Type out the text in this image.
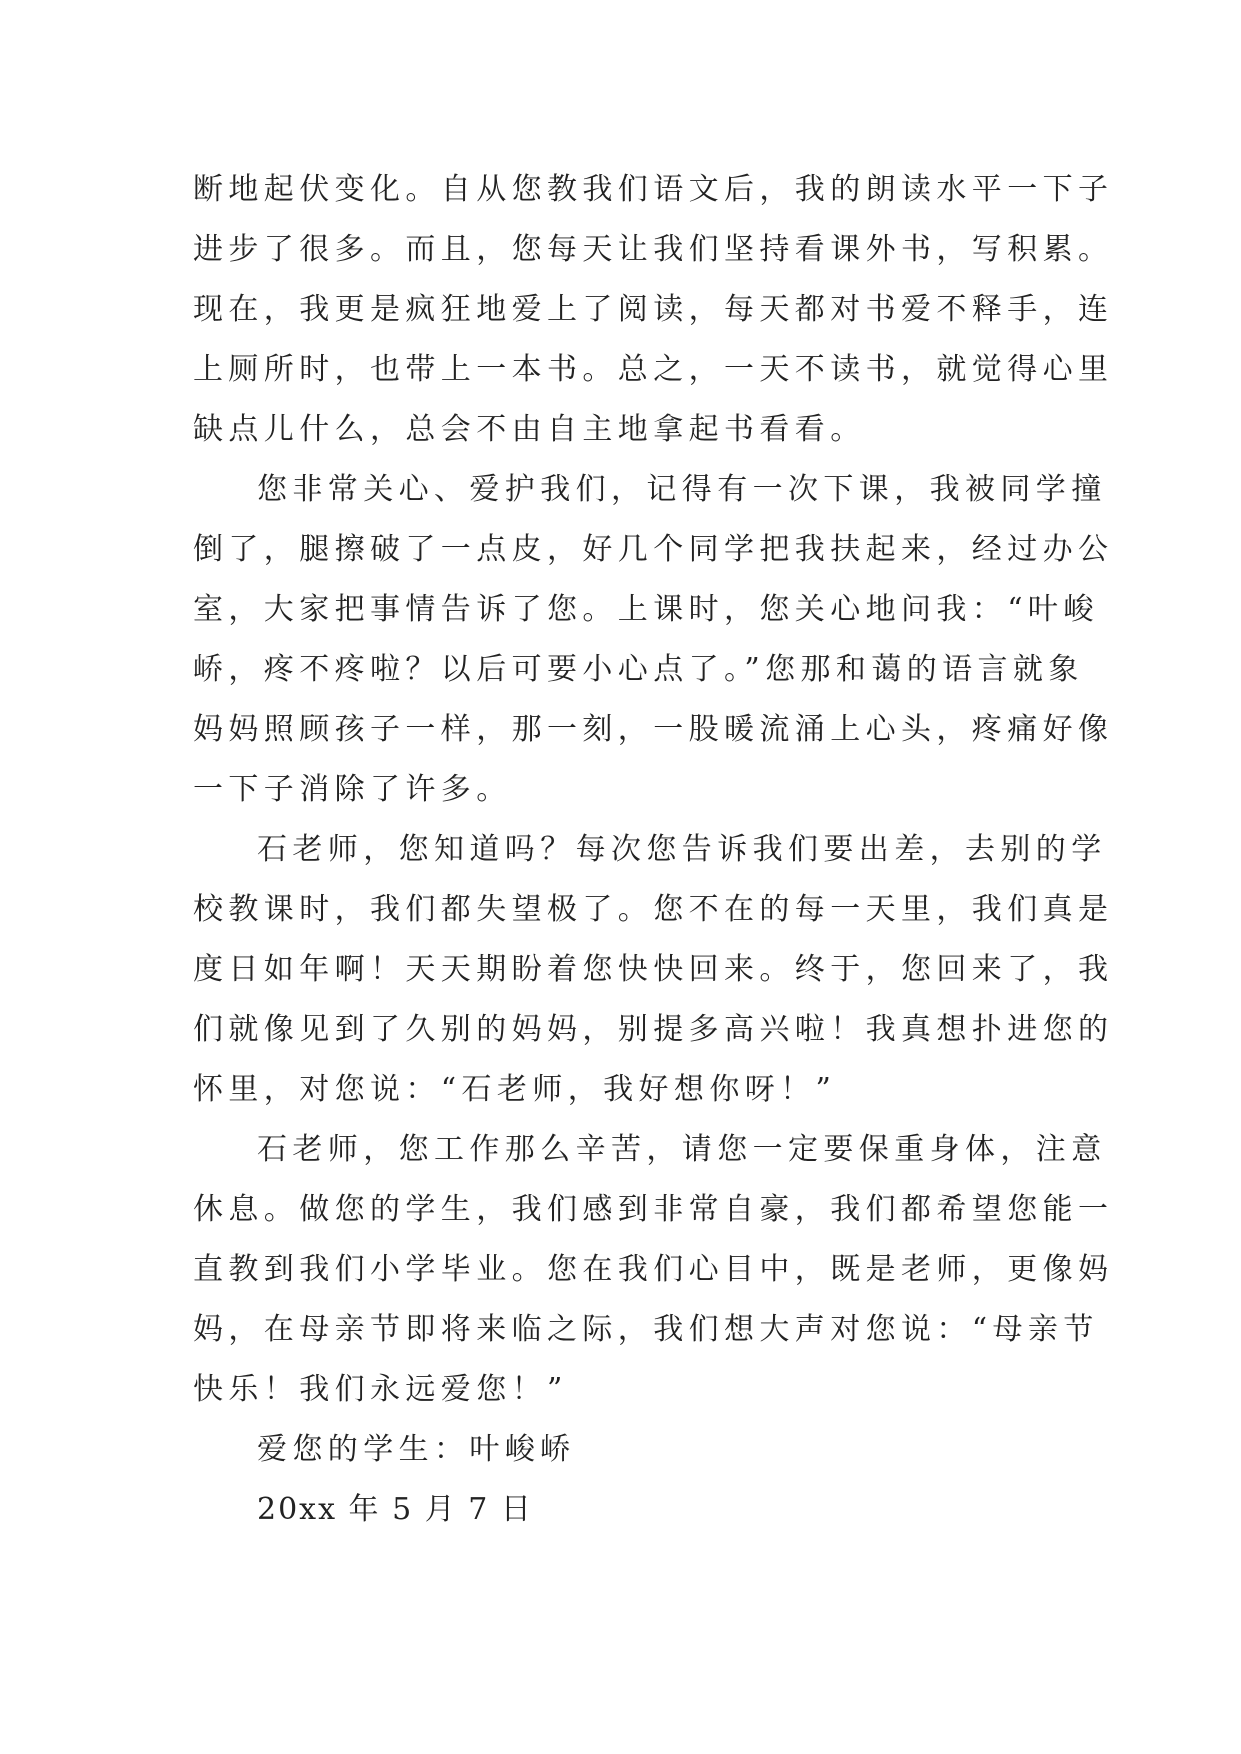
断地起伏变化。自从您教我们语文后，我的朗读水平一下子
进步了很多。而且，您每天让我们坚持看课外书，写积累。
现在，我更是疯狂地爱上了阅读，每天都对书爱不释手，连
上厕所时，也带上一本书。总之，一天不读书，就觉得心里
缺点儿什么，总会不由自主地拿起书看看。
您非常关心、爱护我们，记得有一次下课，我被同学撞
倒了，腿擦破了一点皮，好几个同学把我扶起来，经过办公
室，大家把事情告诉了您。上课时，您关心地问我：“叶峻
峤，疼不疼啦？以后可要小心点了。”您那和蔼的语言就象
妈妈照顾孩子一样，那一刻，一股暖流涌上心头，疼痛好像
一下子消除了许多。
石老师，您知道吗？每次您告诉我们要出差，去别的学
校教课时，我们都失望极了。您不在的每一天里，我们真是
度日如年啊！天天期盼着您快快回来。终于，您回来了，我
们就像见到了久别的妈妈，别提多高兴啦！我真想扑进您的
怀里，对您说：“石老师，我好想你呀！”
石老师，您工作那么辛苦，请您一定要保重身体，注意
休息。做您的学生，我们感到非常自豪，我们都希望您能一
直教到我们小学毕业。您在我们心目中，既是老师，更像妈
妈，在母亲节即将来临之际，我们想大声对您说：“母亲节
快乐！我们永远爱您！”
爱您的学生：叶峻峤
20xx 年 5 月 7 日
